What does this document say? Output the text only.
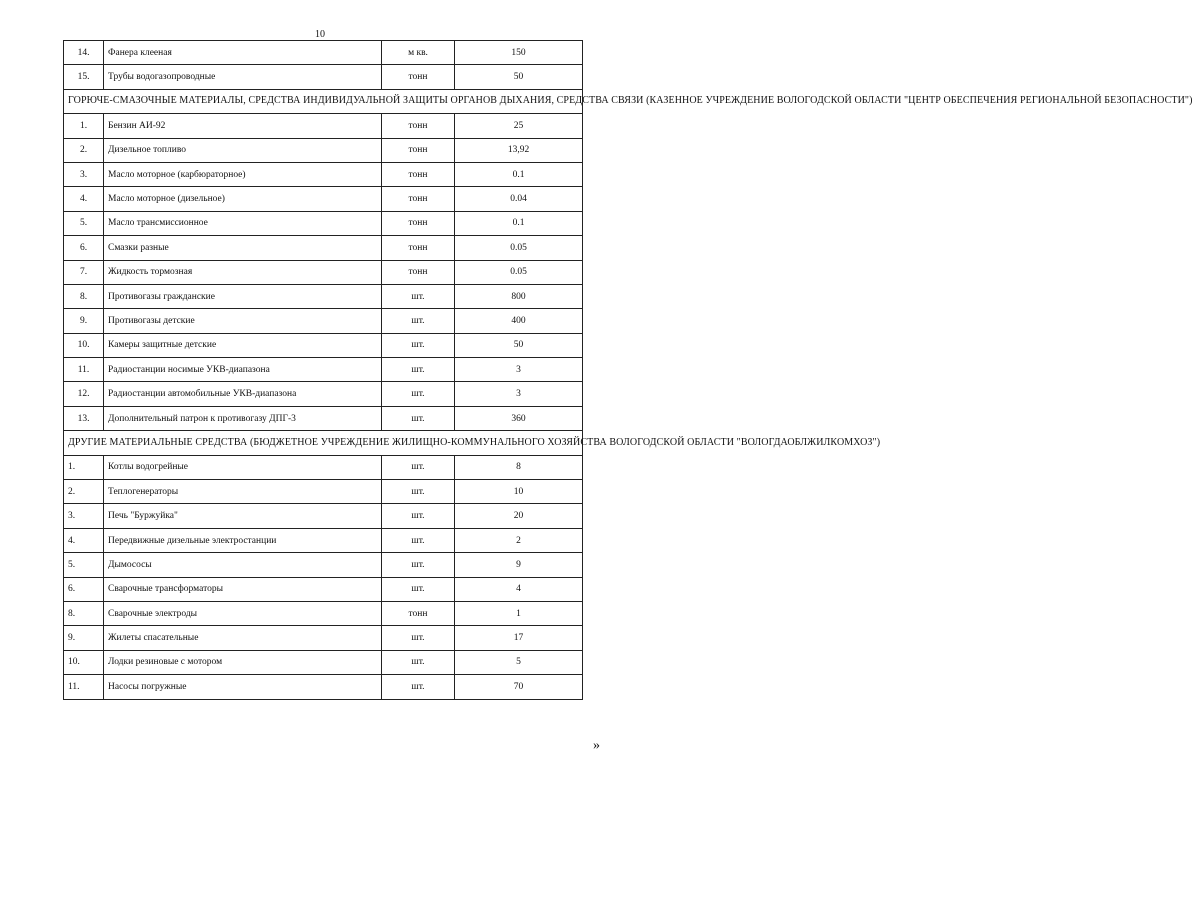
10
14.	Фанера клееная	м кв.	150
15.	Трубы водогазопроводные	тонн	50
ГОРЮЧЕ-СМАЗОЧНЫЕ МАТЕРИАЛЫ, СРЕДСТВА ИНДИВИДУАЛЬНОЙ ЗАЩИТЫ ОРГАНОВ ДЫХАНИЯ, СРЕДСТВА СВЯЗИ (КАЗЕННОЕ УЧРЕЖДЕНИЕ ВОЛОГОДСКОЙ ОБЛАСТИ "ЦЕНТР ОБЕСПЕЧЕНИЯ РЕГИОНАЛЬНОЙ БЕЗОПАСНОСТИ")			
1.	Бензин АИ-92	тонн	25
2.	Дизельное топливо	тонн	13,92
3.	Масло моторное (карбюраторное)	тонн	0.1
4.	Масло моторное (дизельное)	тонн	0.04
5.	Масло трансмиссионное	тонн	0.1
6.	Смазки разные	тонн	0.05
7.	Жидкость тормозная	тонн	0.05
8.	Противогазы гражданские	шт.	800
9.	Противогазы детские	шт.	400
10.	Камеры защитные детские	шт.	50
11.	Радиостанции носимые УКВ-диапазона	шт.	3
12.	Радиостанции автомобильные УКВ-диапазона	шт.	3
13.	Дополнительный патрон к противогазу ДПГ-3	шт.	360
ДРУГИЕ МАТЕРИАЛЬНЫЕ СРЕДСТВА (БЮДЖЕТНОЕ УЧРЕЖДЕНИЕ ЖИЛИЩНО-КОММУНАЛЬНОГО ХОЗЯЙСТВА ВОЛОГОДСКОЙ ОБЛАСТИ "ВОЛОГДАОБЛЖИЛКОМХОЗ")			
1.	Котлы водогрейные	шт.	8
2.	Теплогенераторы	шт.	10
3.	Печь "Буржуйка"	шт.	20
4.	Передвижные дизельные электростанции	шт.	2
5.	Дымососы	шт.	9
6.	Сварочные трансформаторы	шт.	4
8.	Сварочные электроды	тонн	1
9.	Жилеты спасательные	шт.	17
10.	Лодки резиновые с мотором	шт.	5
11.	Насосы погружные	шт.	70
»
